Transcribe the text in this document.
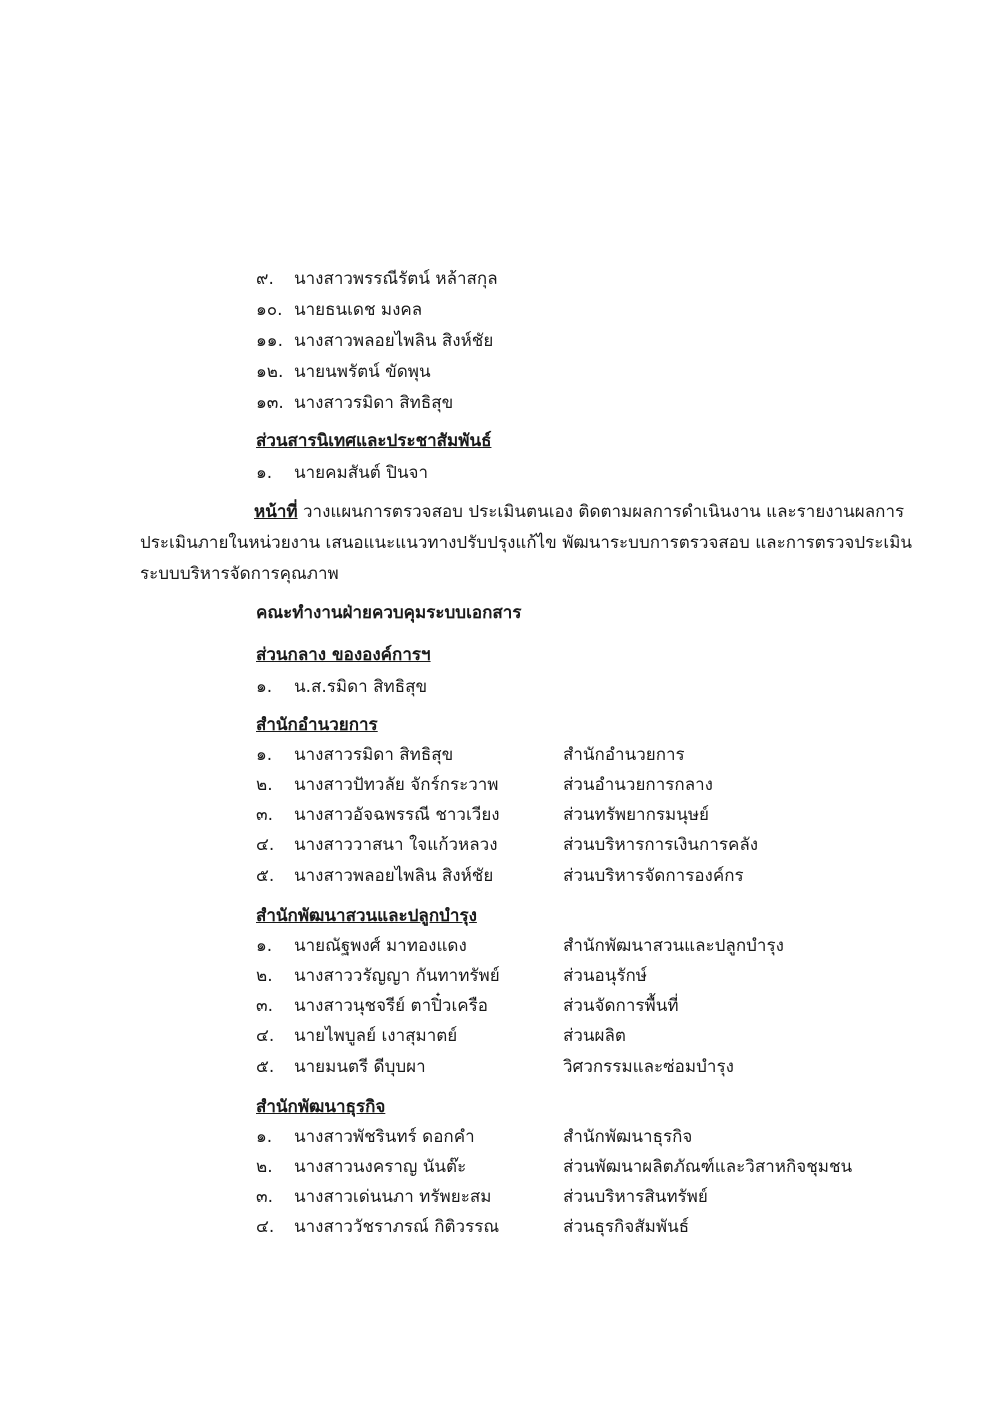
๙. นางสาวพรรณีรัตน์ หล้าสกุล
๑๐. นายธนเดช มงคล
๑๑. นางสาวพลอยไพลิน สิงห์ชัย
๑๒. นายนพรัตน์ ขัดพุน
๑๓. นางสาวรมิดา สิทธิสุข
ส่วนสารนิเทศและประชาสัมพันธ์
๑. นายคมสันต์ ปินจา
หน้าที่ วางแผนการตรวจสอบ ประเมินตนเอง ติดตามผลการดำเนินงาน และรายงานผลการ
ประเมินภายในหน่วยงาน เสนอแนะแนวทางปรับปรุงแก้ไข พัฒนาระบบการตรวจสอบ และการตรวจประเมิน
ระบบบริหารจัดการคุณภาพ
คณะทำงานฝ่ายควบคุมระบบเอกสาร
ส่วนกลาง ขององค์การฯ
๑. น.ส.รมิดา สิทธิสุข
สำนักอำนวยการ
๑. นางสาวรมิดา สิทธิสุข	สำนักอำนวยการ
๒. นางสาวปัทวลัย จักร์กระวาพ	ส่วนอำนวยการกลาง
๓. นางสาวอัจฉพรรณี ชาวเวียง	ส่วนทรัพยากรมนุษย์
๔. นางสาววาสนา ใจแก้วหลวง	ส่วนบริหารการเงินการคลัง
๕. นางสาวพลอยไพลิน สิงห์ชัย	ส่วนบริหารจัดการองค์กร
สำนักพัฒนาสวนและปลูกบำรุง
๑. นายณัฐพงศ์ มาทองแดง	สำนักพัฒนาสวนและปลูกบำรุง
๒. นางสาววรัญญา กันทาทรัพย์	ส่วนอนุรักษ์
๓. นางสาวนุชจรีย์ ตาปิ๋วเครือ	ส่วนจัดการพื้นที่
๔. นายไพบูลย์ เงาสุมาตย์	ส่วนผลิต
๕. นายมนตรี ดีบุบผา	วิศวกรรมและซ่อมบำรุง
สำนักพัฒนาธุรกิจ
๑. นางสาวพัชรินทร์ ดอกคำ	สำนักพัฒนาธุรกิจ
๒. นางสาวนงคราญ นันต๊ะ	ส่วนพัฒนาผลิตภัณฑ์และวิสาหกิจชุมชน
๓. นางสาวเด่นนภา ทรัพยะสม	ส่วนบริหารสินทรัพย์
๔. นางสาววัชราภรณ์ กิติวรรณ	ส่วนธุรกิจสัมพันธ์
